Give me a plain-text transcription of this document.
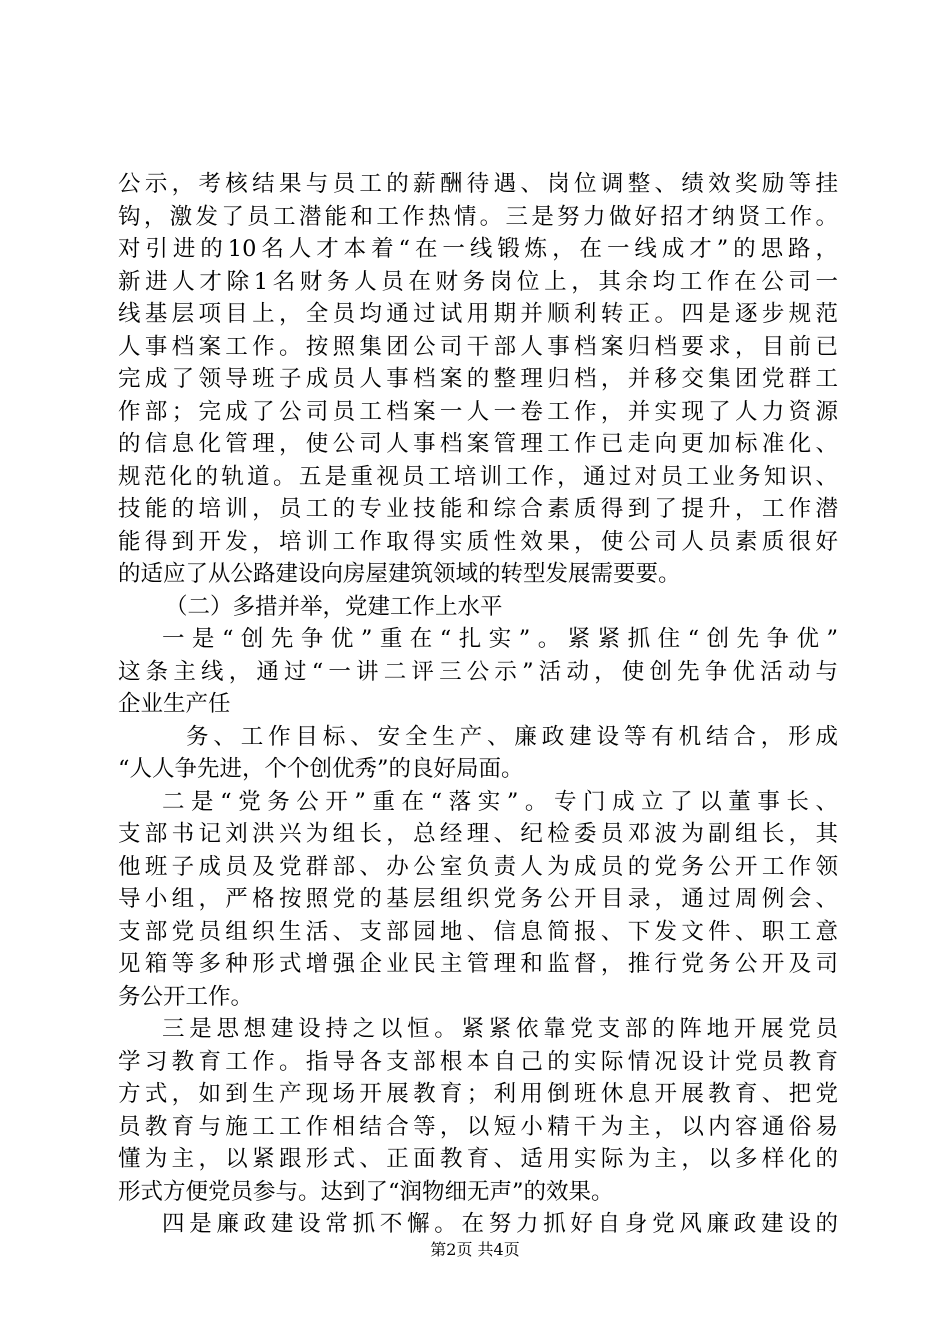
公示，考核结果与员工的薪酬待遇、岗位调整、绩效奖励等挂
钩，激发了员工潜能和工作热情。三是努力做好招才纳贤工作。
对引进的10名人才本着“在一线锻炼，在一线成才”的思路，
新进人才除1名财务人员在财务岗位上，其余均工作在公司一
线基层项目上，全员均通过试用期并顺利转正。四是逐步规范
人事档案工作。按照集团公司干部人事档案归档要求，目前已
完成了领导班子成员人事档案的整理归档，并移交集团党群工
作部；完成了公司员工档案一人一卷工作，并实现了人力资源
的信息化管理，使公司人事档案管理工作已走向更加标准化、
规范化的轨道。五是重视员工培训工作，通过对员工业务知识、
技能的培训，员工的专业技能和综合素质得到了提升，工作潜
能得到开发，培训工作取得实质性效果，使公司人员素质很好
的适应了从公路建设向房屋建筑领域的转型发展需要要。
（二）多措并举，党建工作上水平
一是“创先争优”重在“扎实”。紧紧抓住“创先争优”
这条主线，通过“一讲二评三公示”活动，使创先争优活动与
企业生产任
务、工作目标、安全生产、廉政建设等有机结合，形成
“人人争先进，个个创优秀”的良好局面。
二是“党务公开”重在“落实”。专门成立了以董事长、
支部书记刘洪兴为组长，总经理、纪检委员邓波为副组长，其
他班子成员及党群部、办公室负责人为成员的党务公开工作领
导小组，严格按照党的基层组织党务公开目录，通过周例会、
支部党员组织生活、支部园地、信息简报、下发文件、职工意
见箱等多种形式增强企业民主管理和监督，推行党务公开及司
务公开工作。
三是思想建设持之以恒。紧紧依靠党支部的阵地开展党员
学习教育工作。指导各支部根本自己的实际情况设计党员教育
方式，如到生产现场开展教育；利用倒班休息开展教育、把党
员教育与施工工作相结合等，以短小精干为主，以内容通俗易
懂为主，以紧跟形式、正面教育、适用实际为主，以多样化的
形式方便党员参与。达到了“润物细无声”的效果。
四是廉政建设常抓不懈。在努力抓好自身党风廉政建设的
第2页 共4页
